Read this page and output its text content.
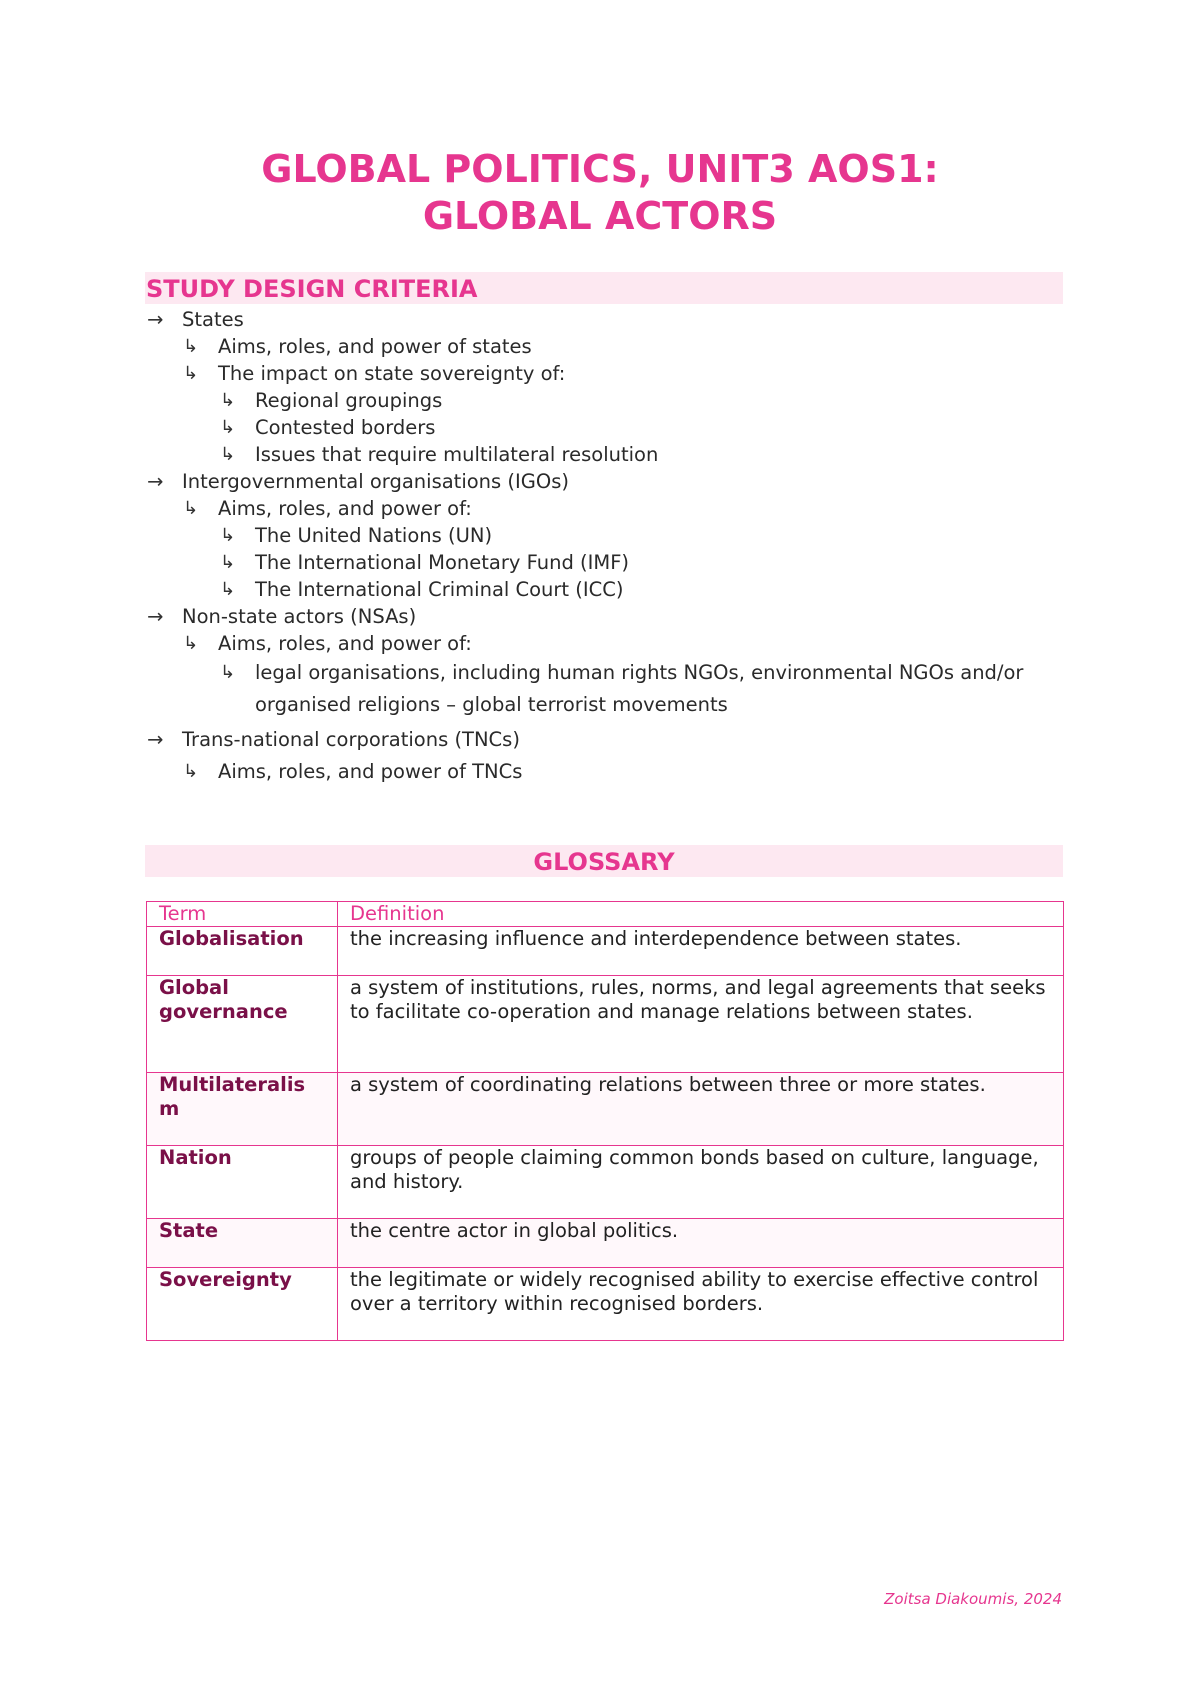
GLOBAL POLITICS, UNIT3 AOS1:
GLOBAL ACTORS
STUDY DESIGN CRITERIA
→ States
↳ Aims, roles, and power of states
↳ The impact on state sovereignty of:
↳ Regional groupings
↳ Contested borders
↳ Issues that require multilateral resolution
→ Intergovernmental organisations (IGOs)
↳ Aims, roles, and power of:
↳ The United Nations (UN)
↳ The International Monetary Fund (IMF)
↳ The International Criminal Court (ICC)
→ Non-state actors (NSAs)
↳ Aims, roles, and power of:
↳ legal organisations, including human rights NGOs, environmental NGOs and/or organised religions – global terrorist movements
→ Trans-national corporations (TNCs)
↳ Aims, roles, and power of TNCs
GLOSSARY
Term	Definition
Globalisation	the increasing influence and interdependence between states.
Global governance	a system of institutions, rules, norms, and legal agreements that seeks to facilitate co-operation and manage relations between states.
Multilateralism	a system of coordinating relations between three or more states.
Nation	groups of people claiming common bonds based on culture, language, and history.
State	the centre actor in global politics.
Sovereignty	the legitimate or widely recognised ability to exercise effective control over a territory within recognised borders.
Zoitsa Diakoumis, 2024
